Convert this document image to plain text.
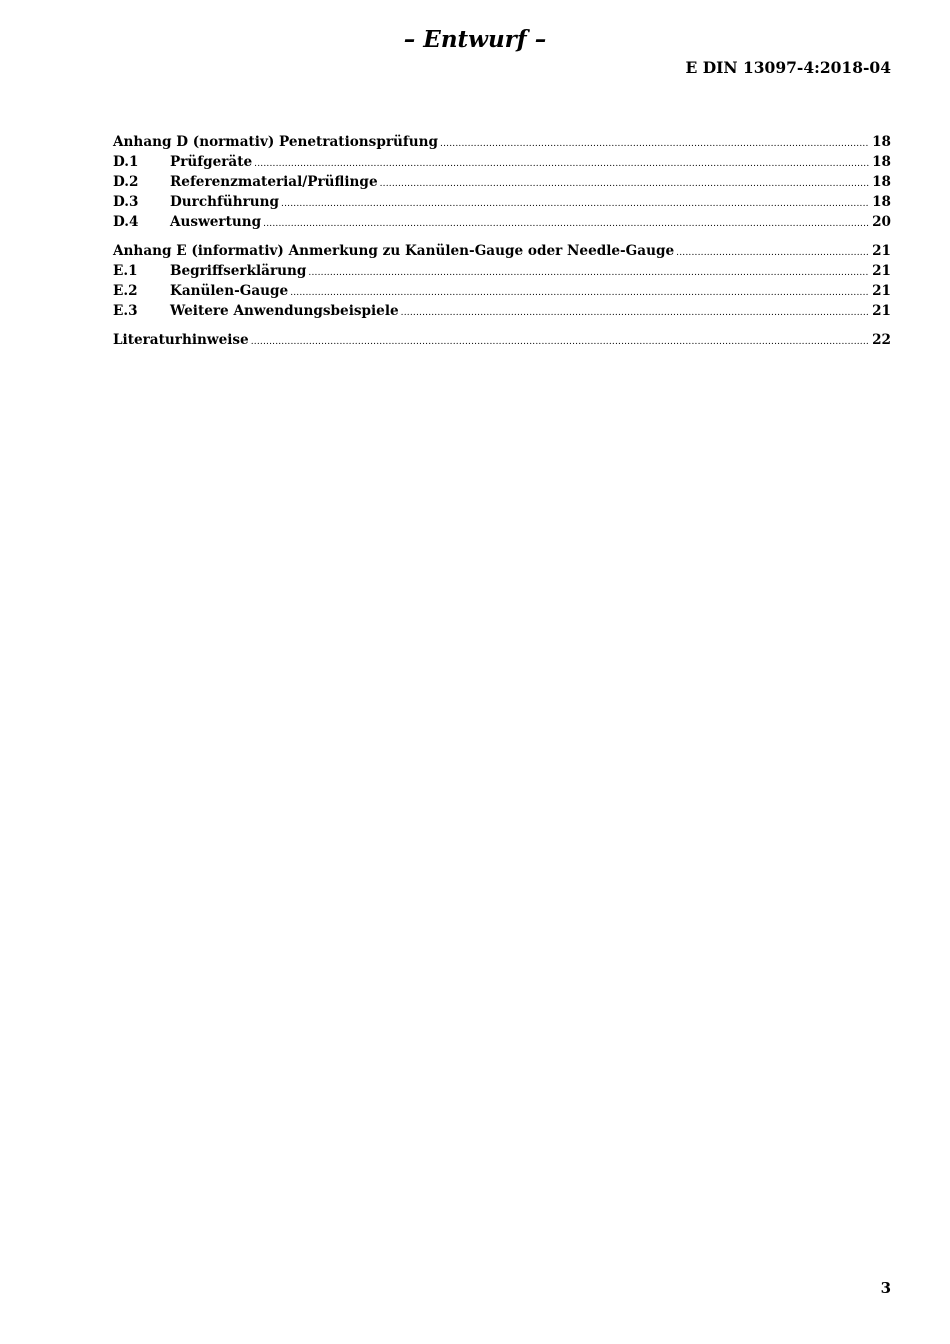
– Entwurf –
E DIN 13097-4:2018-04
Anhang D (normativ) Penetrationsprüfung .....	18
D.1	Prüfgeräte .....	18
D.2	Referenzmaterial/Prüflinge .....	18
D.3	Durchführung .....	18
D.4	Auswertung .....	20
Anhang E (informativ) Anmerkung zu Kanülen-Gauge oder Needle-Gauge .....	21
E.1	Begriffserklärung .....	21
E.2	Kanülen-Gauge .....	21
E.3	Weitere Anwendungsbeispiele .....	21
Literaturhinweise .....	22
3
